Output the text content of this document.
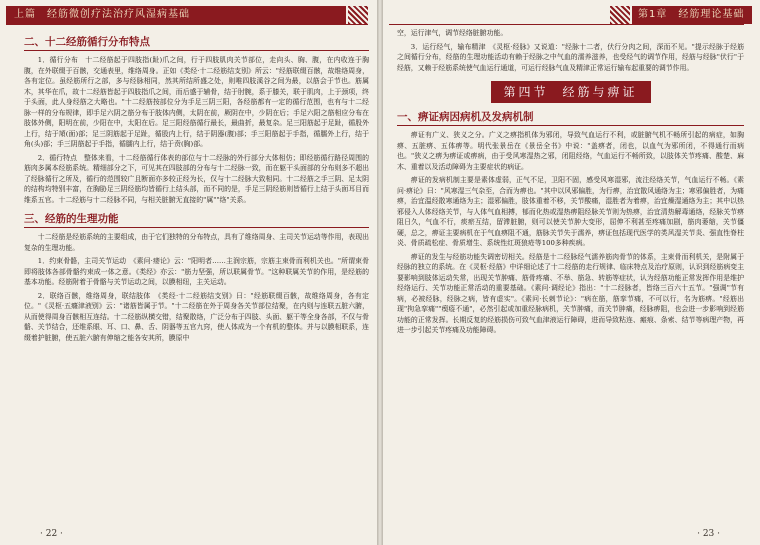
上篇　经筋微创疗法治疗风湿病基础
二、十二经筋循行分布特点

1．循行分布　十二经筋起于四肢指(趾)爪之间，行于四肢肌肉关节部位，走向头、胸、腹，在内收连于胸腹，在外联缀于百骸，交通表里，维络周身。正如《类经·十二经筋结支别》所云："经筋联缀百骸，故维络周身，各有定位。虽经筋所行之部，多与经脉相同，然其所结所盛之处，则唯四肢溪谷之间为最，以筋会于节也。筋属木，其华在爪，故十二经筋皆起于四肢指爪之间，而后盛于辅骨，结于肘腕，系于膝关，联于肌肉，上于颈项，终于头面，此人身经筋之大略也。"十二经筋按部位分为手足三阴三阳，各经筋都有一定的循行范围，也有与十二经脉一样的分布规律，即手足六阴之筋分布于肢体内侧，太阴在前，厥阴在中，少阴在后；手足六阳之筋相应分布在肢体外侧，阳明在前，少阳在中，太阳在后。足三阳经筋循行最长，最曲折，最复杂。足三阳筋起于足趾，循股外上行，结于頄(面)部；足三阴筋起于足趾，循股内上行，结于阴器(腹)部；手三阳筋起于手指，循臑外上行，结于角(头)部；手三阴筋起于手指，循臑内上行，结于贲(胸)部。

2．循行特点　整体来看，十二经筋循行体表的部位与十二经脉的外行部分大体相仿；即经筋循行路径周围的筋肉多属本经筋系统。精细部分之下，可见其在四肢部的分布与十二经脉一致，而在躯干头面部的分布则多不超出了经脉循行之所及，循行的范围较广且断面亦多较正经为长，仅与十二经脉大致相同。十二经筋之手三阴、足太阴的结构均特别丰富，在胸胁足三阴经筋均皆循行上结头部，而不同的是，手足三阴经筋则皆循行上结于头面耳目而维系五官。十二经筋与十二经脉不同，与相关脏腑无直接的"属""络"关系。

三、经筋的生理功能

十二经筋是经筋系统的主要组成，由于它们独特的分布特点，具有了维络周身、主司关节运动等作用，表现出复杂的生理功能。

1．约束骨骼，主司关节运动　《素问·痿论》云："阳明者……主润宗筋，宗筋主束骨而利机关也。"所谓束骨即将肢体各部骨骼约束成一体之意。《类经》亦云："筋力坚强，所以联属骨节。"这种联属关节的作用，是经筋的基本功能。经筋附着于骨骼与关节运动之间，以膜相纽，主关运动。

2．联络百骸，维络周身，联结肢体　《类经·十二经筋结支别》曰："经筋联缀百骸，故维络周身，各有定位。"《灵枢·五癃津液别》云："诸筋皆属于节。"十二经筋在外于周身各关节部位结聚，在内则与连联五脏六腑，从而使得周身百骸相互连结。十二经筋纵横交错，结聚散络，广泛分布于四肢、头面、躯干等全身各部，不仅与骨骼、关节结合，还维系眼、耳、口、鼻、舌、阴器等五官九窍，使人体成为一个有机的整体。并与以膜相联系，连缀着护脏腑，使五脏六腑有伸缩之能各安其所，膜原中

· 22 ·
第1章　经筋理论基础

空，运行津气，调节经络脏腑功能。

3．运行经气，输布精津　《灵枢·经脉》又说道："经脉十二者，伏行分肉之间，深而不见。"提示经脉于经筋之间循行分布，经筋的生理功能活动有赖于经脉之中气血的濡养滋养，也受经气的调节作用，经筋与经脉"伏行"于经筋，又赖于经筋系统使气血运行通道，可运行经脉气血及精津正常运行输布起重要的调节作用。

第四节 经筋与痹证
一、痹证病因病机及发病机制

痹证有广义、狭义之分。广义之痹指机体为邪闭，导致气血运行不利，或脏腑气机不畅所引起的病症，如胸痹、五脏痹、五体痹等。明代张景岳在《景岳全书》中说："盖痹者，闭也，以血气为邪所闭，不得通行而病也。"狭义之痹为痹证或痹病，由于受风寒湿热之邪，闭阻经络，气血运行不畅所致，以肢体关节疼痛、酸楚、麻木、重着以及活动障碍为主要症状的病证。

痹证的发病机制主要是素体虚弱，正气不足，卫阳不固，感受风寒湿邪，流注经络关节，气血运行不畅。《素问·痹论》曰："风寒湿三气杂至，合而为痹也。"其中以风邪偏胜，为行痹，治宜散风通络为主；寒邪偏胜者，为痛痹，治宜温经散寒通络为主；湿邪偏胜，肢体重着不移，关节酸痛，湿胜者为着痹，治宜燥湿通络为主；其中以热邪侵入人体经络关节，与人体气血相搏，郁而化热或湿热痹阻经脉关节则为热痹，治宜清热解毒通络，经脉关节痹阻日久，气血不行，痰瘀互结，留滞脏腑，则可以使关节肿大变形，屈伸不利甚至疼痛加剧，筋肉萎缩，关节僵硬，总之，痹证主要病机在于气血痹阻不通，筋脉关节失于濡养，痹证包括现代医学的类风湿关节炎、强直性脊柱炎、骨质疏松症、骨质增生、系统性红斑狼疮等100多种疾病。

痹证的发生与经筋功能失调密切相关。经筋是十二经脉经气濡养筋肉骨节的体系，主束骨而利机关，是附属于经脉的独立的系统。在《灵枢·经筋》中详细论述了十二经筋的走行规律、临床特点及治疗原则，认识到经筋病变主要影响到肢体运动失常，出现关节肿痛、筋骨疼痛、不举、筋急、转筋等症状，认为经筋功能正常发挥作用是维护经络运行、关节功能正常活动的重要基础。《素问·调经论》指出："十二经脉者，皆络三百六十五节。"强调"节有病，必被经脉，经脉之病，皆有虚实"。《素问·长刺节论》："病在筋，筋挛节痛，不可以行，名为筋痹。"经筋出现"拘急挛痛""瘈瘲不通"，必然引起或加重经脉病机，关节肿痛，而关节肿痛，经脉痹阻，也会进一步影响到经筋功能的正常发挥。长期反复的经筋损伤可致气血津液运行障碍，进而导致粘连、瘢痕、条索、结节等病理产物，再进一步引起关节疼痛及功能障碍。

· 23 ·
